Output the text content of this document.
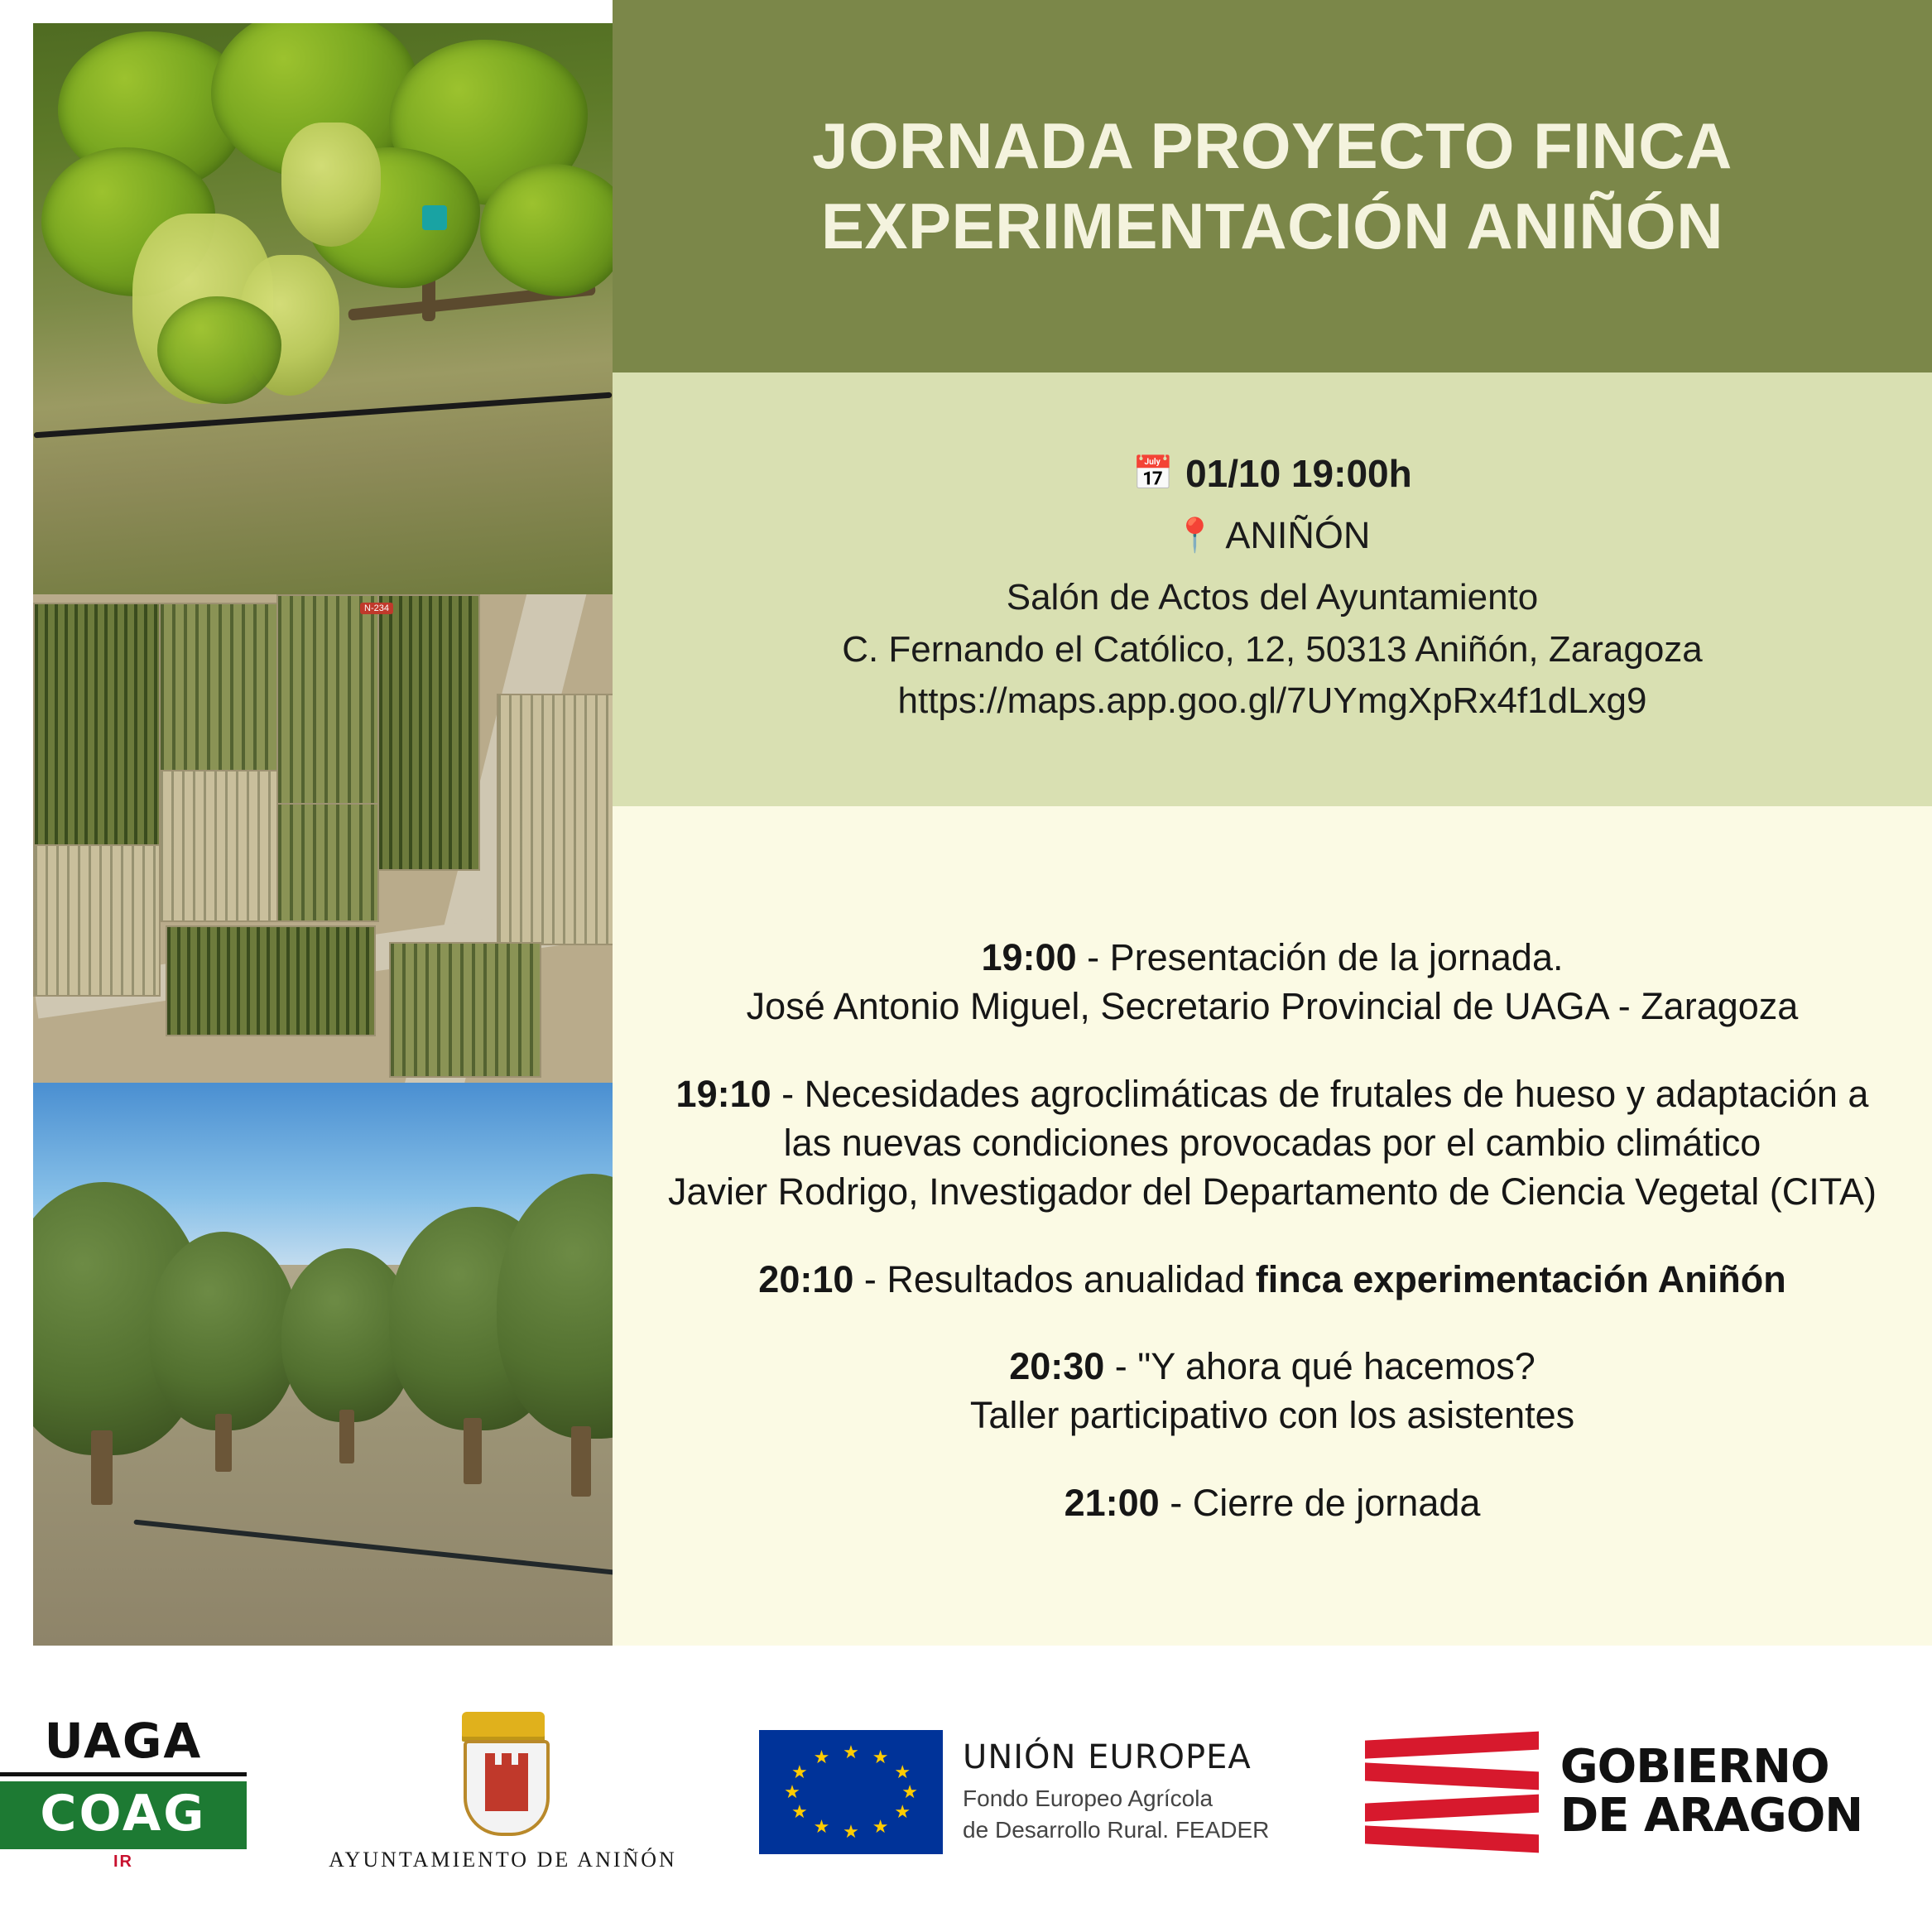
N-234
JORNADA PROYECTO FINCA EXPERIMENTACIÓN ANIÑÓN
📅 01/10 19:00h
📍 ANIÑÓN
Salón de Actos del Ayuntamiento
C. Fernando el Católico, 12, 50313 Aniñón, Zaragoza
https://maps.app.goo.gl/7UYmgXpRx4f1dLxg9
19:00 - Presentación de la jornada.
José Antonio Miguel, Secretario Provincial de UAGA - Zaragoza
19:10 - Necesidades agroclimáticas de frutales de hueso y adaptación a
las nuevas condiciones provocadas por el cambio climático
Javier Rodrigo, Investigador del Departamento de Ciencia Vegetal (CITA)
20:10 - Resultados anualidad finca experimentación Aniñón
20:30 - "Y ahora qué hacemos?
Taller participativo con los asistentes
21:00 - Cierre de jornada
UAGA
COAG
IR	AYUNTAMIENTO DE ANIÑÓN
★ ★
★
★
★
★
★
★
★
★
★
★	UNIÓN EUROPEA
Fondo Europeo Agrícola
de Desarrollo Rural. FEADER
GOBIERNO
DE ARAGON
